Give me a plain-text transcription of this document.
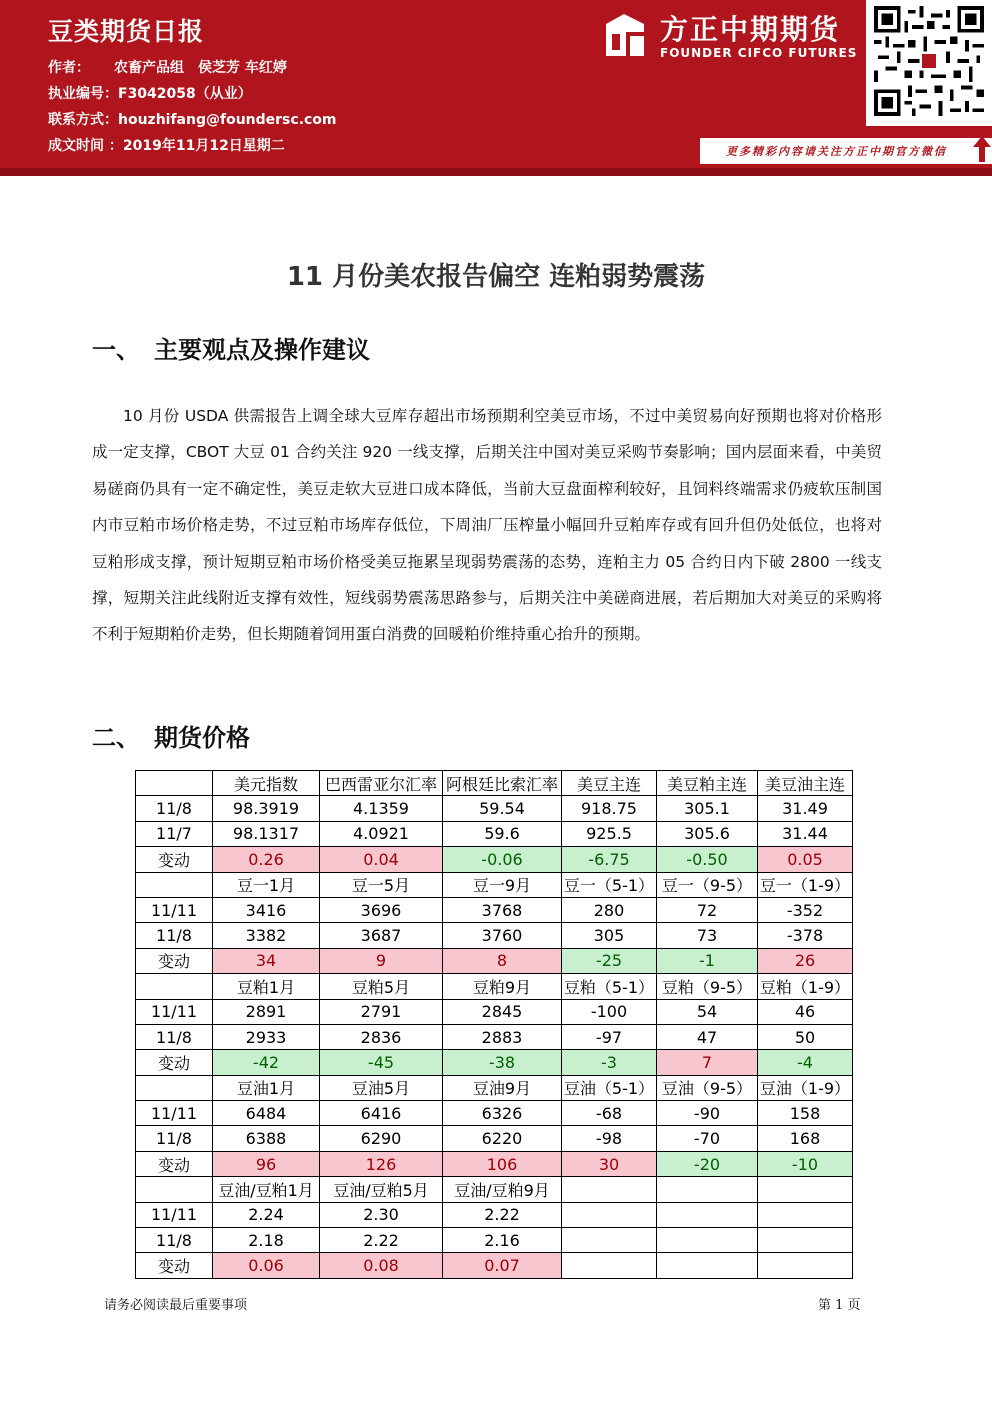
豆类期货日报
作者： 农畜产品组　侯芝芳 车红婷
执业编号：F3042058（从业）
联系方式：houzhifang@foundersc.com
成文时间 ：2019年11月12日星期二
方正中期期货
FOUNDER CIFCO FUTURES
更多精彩内容请关注方正中期官方微信
11 月份美农报告偏空 连粕弱势震荡
一、 主要观点及操作建议
10 月份 USDA 供需报告上调全球大豆库存超出市场预期利空美豆市场，不过中美贸易向好预期也将对价格形成一定支撑，CBOT 大豆 01 合约关注 920 一线支撑，后期关注中国对美豆采购节奏影响；国内层面来看，中美贸易磋商仍具有一定不确定性，美豆走软大豆进口成本降低，当前大豆盘面榨利较好，且饲料终端需求仍疲软压制国内市豆粕市场价格走势，不过豆粕市场库存低位，下周油厂压榨量小幅回升豆粕库存或有回升但仍处低位，也将对豆粕形成支撑，预计短期豆粕市场价格受美豆拖累呈现弱势震荡的态势，连粕主力 05 合约日内下破 2800 一线支撑，短期关注此线附近支撑有效性，短线弱势震荡思路参与，后期关注中美磋商进展，若后期加大对美豆的采购将不利于短期粕价走势，但长期随着饲用蛋白消费的回暖粕价维持重心抬升的预期。
二、 期货价格
	美元指数	巴西雷亚尔汇率	阿根廷比索汇率	美豆主连	美豆粕主连	美豆油主连
11/8	98.3919	4.1359	59.54	918.75	305.1	31.49
11/7	98.1317	4.0921	59.6	925.5	305.6	31.44
变动	0.26	0.04	-0.06	-6.75	-0.50	0.05
	豆一1月	豆一5月	豆一9月	豆一（5-1）	豆一（9-5）	豆一（1-9）
11/11	3416	3696	3768	280	72	-352
11/8	3382	3687	3760	305	73	-378
变动	34	9	8	-25	-1	26
	豆粕1月	豆粕5月	豆粕9月	豆粕（5-1）	豆粕（9-5）	豆粕（1-9）
11/11	2891	2791	2845	-100	54	46
11/8	2933	2836	2883	-97	47	50
变动	-42	-45	-38	-3	7	-4
	豆油1月	豆油5月	豆油9月	豆油（5-1）	豆油（9-5）	豆油（1-9）
11/11	6484	6416	6326	-68	-90	158
11/8	6388	6290	6220	-98	-70	168
变动	96	126	106	30	-20	-10
	豆油/豆粕1月	豆油/豆粕5月	豆油/豆粕9月			
11/11	2.24	2.30	2.22			
11/8	2.18	2.22	2.16			
变动	0.06	0.08	0.07			
请务必阅读最后重要事项	第 1 页
